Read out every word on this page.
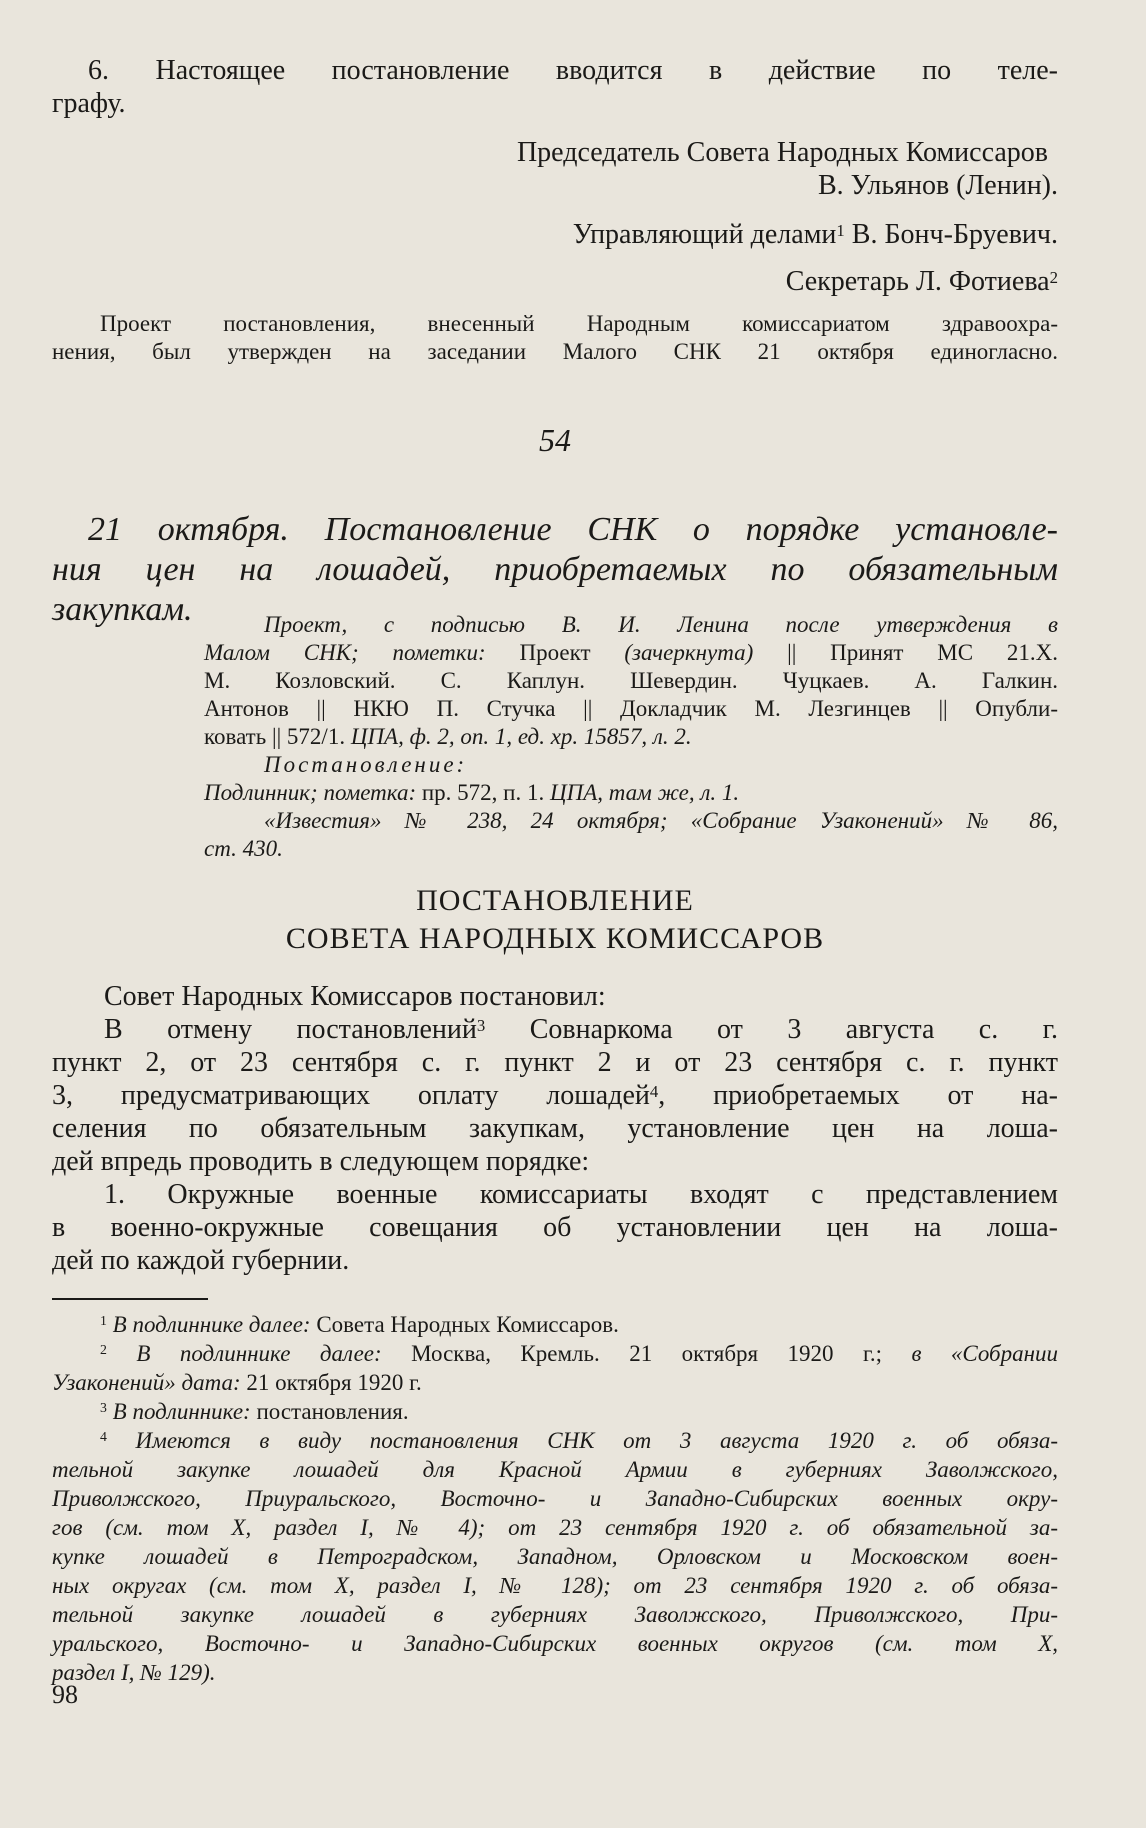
6. Настоящее постановление вводится в действие по теле-
графу.
Председатель Совета Народных Комиссаров
В. Ульянов (Ленин).
Управляющий делами$^1$ В. Бонч-Бруевич.
Секретарь Л. Фотиева$^2$
Проект постановления, внесенный Народным комиссариатом здравоохра-
нения, был утвержден на заседании Малого СНК 21 октября единогласно.
54
21 октября. Постановление СНК о порядке установле-
ния цен на лошадей, приобретаемых по обязательным
закупкам.	Проект, с подписью В. И. Ленина после утверждения в
Малом СНК; пометки: Проект (зачеркнута) || Принят МС 21.X.
М. Козловский. С. Каплун. Шевердин. Чуцкаев. А. Галкин.
Антонов || НКЮ П. Стучка || Докладчик М. Лезгинцев || Опубли-
ковать || 572/1. ЦПА, ф. 2, оп. 1, ед. хр. 15857, л. 2.
Постановление:
Подлинник; пометка: пр. 572, п. 1. ЦПА, там же, л. 1.
«Известия» № 238, 24 октября; «Собрание Узаконений» № 86,
ст. 430.
ПОСТАНОВЛЕНИЕ
СОВЕТА НАРОДНЫХ КОМИССАРОВ
Совет Народных Комиссаров постановил:
В отмену постановлений$^3$ Совнаркома от 3 августа с. г.
пункт 2, от 23 сентября с. г. пункт 2 и от 23 сентября с. г. пункт
3, предусматривающих оплату лошадей$^4$, приобретаемых от на-
селения по обязательным закупкам, установление цен на лоша-
дей впредь проводить в следующем порядке:
1. Окружные военные комиссариаты входят с представлением
в военно-окружные совещания об установлении цен на лоша-
дей по каждой губернии.
$^1$ В подлиннике далее: Совета Народных Комиссаров.
$^2$ В подлиннике далее: Москва, Кремль. 21 октября 1920 г.; в «Собрании
Узаконений» дата: 21 октября 1920 г.
$^3$ В подлиннике: постановления.
$^4$ Имеются в виду постановления СНК от 3 августа 1920 г. об обяза-
тельной закупке лошадей для Красной Армии в губерниях Заволжского,
Приволжского, Приуральского, Восточно- и Западно-Сибирских военных окру-
гов (см. том X, раздел I, № 4); от 23 сентября 1920 г. об обязательной за-
купке лошадей в Петроградском, Западном, Орловском и Московском воен-
ных округах (см. том X, раздел I, № 128); от 23 сентября 1920 г. об обяза-
тельной закупке лошадей в губерниях Заволжского, Приволжского, При-
уральского, Восточно- и Западно-Сибирских военных округов (см. том X,
раздел I, № 129).
98
